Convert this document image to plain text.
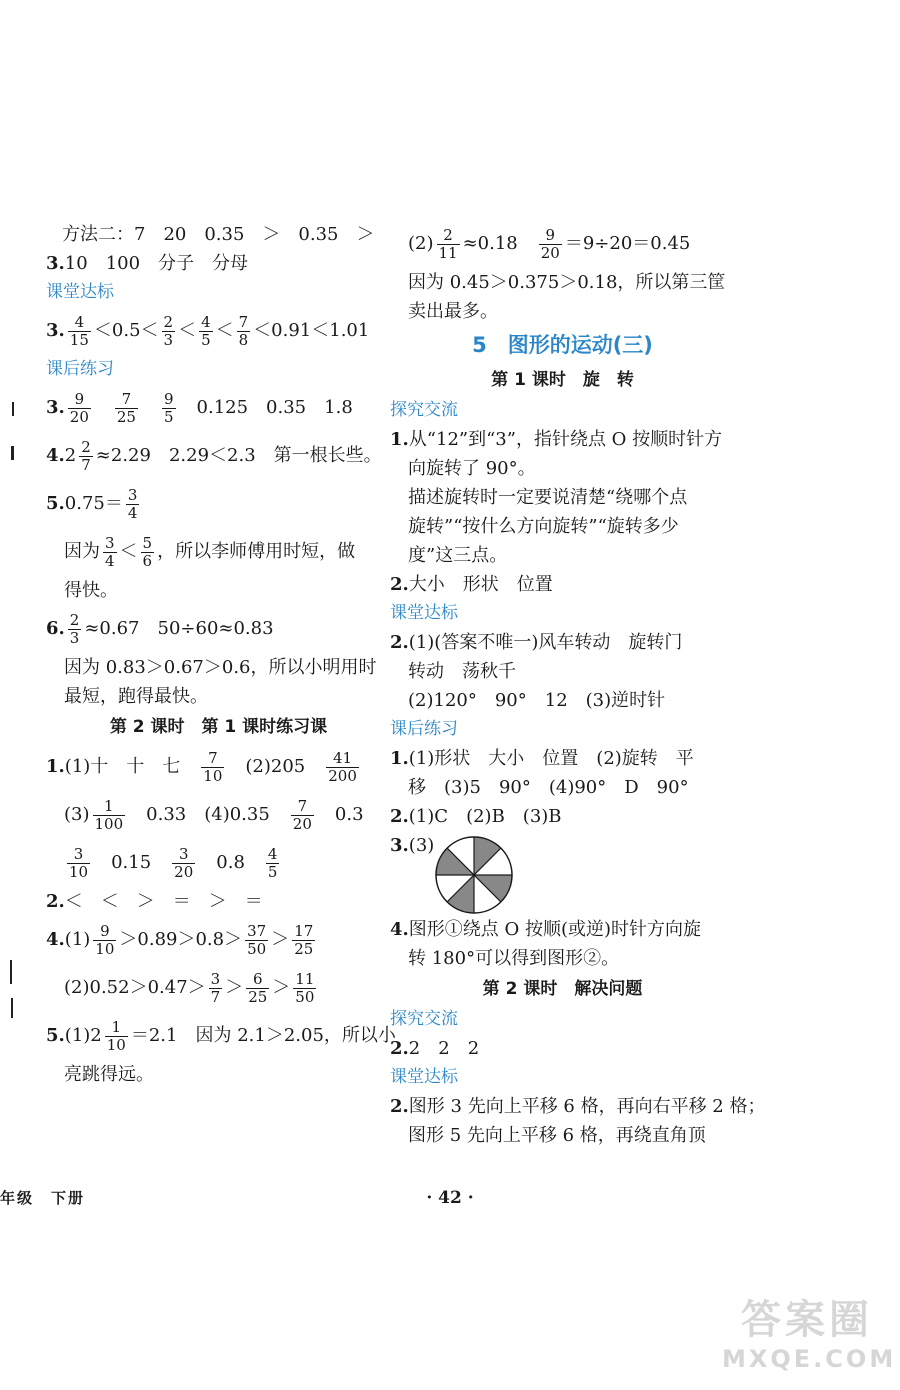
方法二：7　20　0.35　＞　0.35　＞
3.10　100　分子　分母
课堂达标
3. $\frac{4}{15} <0.5< \frac{2}{3} < \frac{4}{5} < \frac{7}{8} <0.91<1.01$
课后练习
3. $\frac{9}{20}$
　 $\frac{7}{25}$
　 $\frac{9}{5}$
　 0.125　0.35　1.8
$4.2 \frac{2}{7} \approx 2.29$　2.29＜2.3　第一根长些。
$5.0.75= \frac{3}{4}$
因为 $\frac{3}{4} < \frac{5}{6}$ ，所以李师傅用时短，做
得快。
6. $\frac{2}{3} \approx 0.67$　50÷60≈0.83
因为 0.83＞0.67＞0.6，所以小明用时
最短，跑得最快。
第 2 课时　第 1 课时练习课
1.(1)十　十　七　 $\frac{7}{10}$
　 (2)205　 $\frac{41}{200}$
$(3) \frac{1}{100}$
　 0.33　(4)0.35　 $\frac{7}{20}$
　 0.3
$\frac{3}{10}$
　 0.15　 $\frac{3}{20}$
　 0.8　 $\frac{4}{5}$
2.＜　＜　＞　＝　＞　＝
$4.(1) \frac{9}{10} >0.89>0.8> \frac{37}{50} > \frac{17}{25}$
$(2)0.52>0.47> \frac{3}{7} > \frac{6}{25} > \frac{11}{50}$
$5.(1)2 \frac{1}{10} =2.1$　因为 2.1＞2.05，所以小
亮跳得远。
$(2) \frac{2}{11} \approx 0.18$　 $\frac{9}{20} =9\div 20=0.45$
因为 0.45＞0.375＞0.18，所以第三筐
卖出最多。
5　图形的运动(三)
第 1 课时　旋　转
探究交流
1.从“12”到“3”，指针绕点 O 按顺时针方
向旋转了 90°。
描述旋转时一定要说清楚“绕哪个点
旋转”“按什么方向旋转”“旋转多少
度”这三点。
2.大小　形状　位置
课堂达标
2.(1)(答案不唯一)风车转动　旋转门
转动　荡秋千
(2)120°　90°　12　(3)逆时针
课后练习
1.(1)形状　大小　位置　(2)旋转　平
移　(3)5　90°　(4)90°　D　90°
2.(1)C　(2)B　(3)B
3.(3)
4.图形①绕点 O 按顺(或逆)时针方向旋
转 180°可以得到图形②。
第 2 课时　解决问题
探究交流
2.2　2　2
课堂达标
2.图形 3 先向上平移 6 格，再向右平移 2 格；
图形 5 先向上平移 6 格，再绕直角顶
年级　下册	· 42 ·
答案圈
MXQE.COM
